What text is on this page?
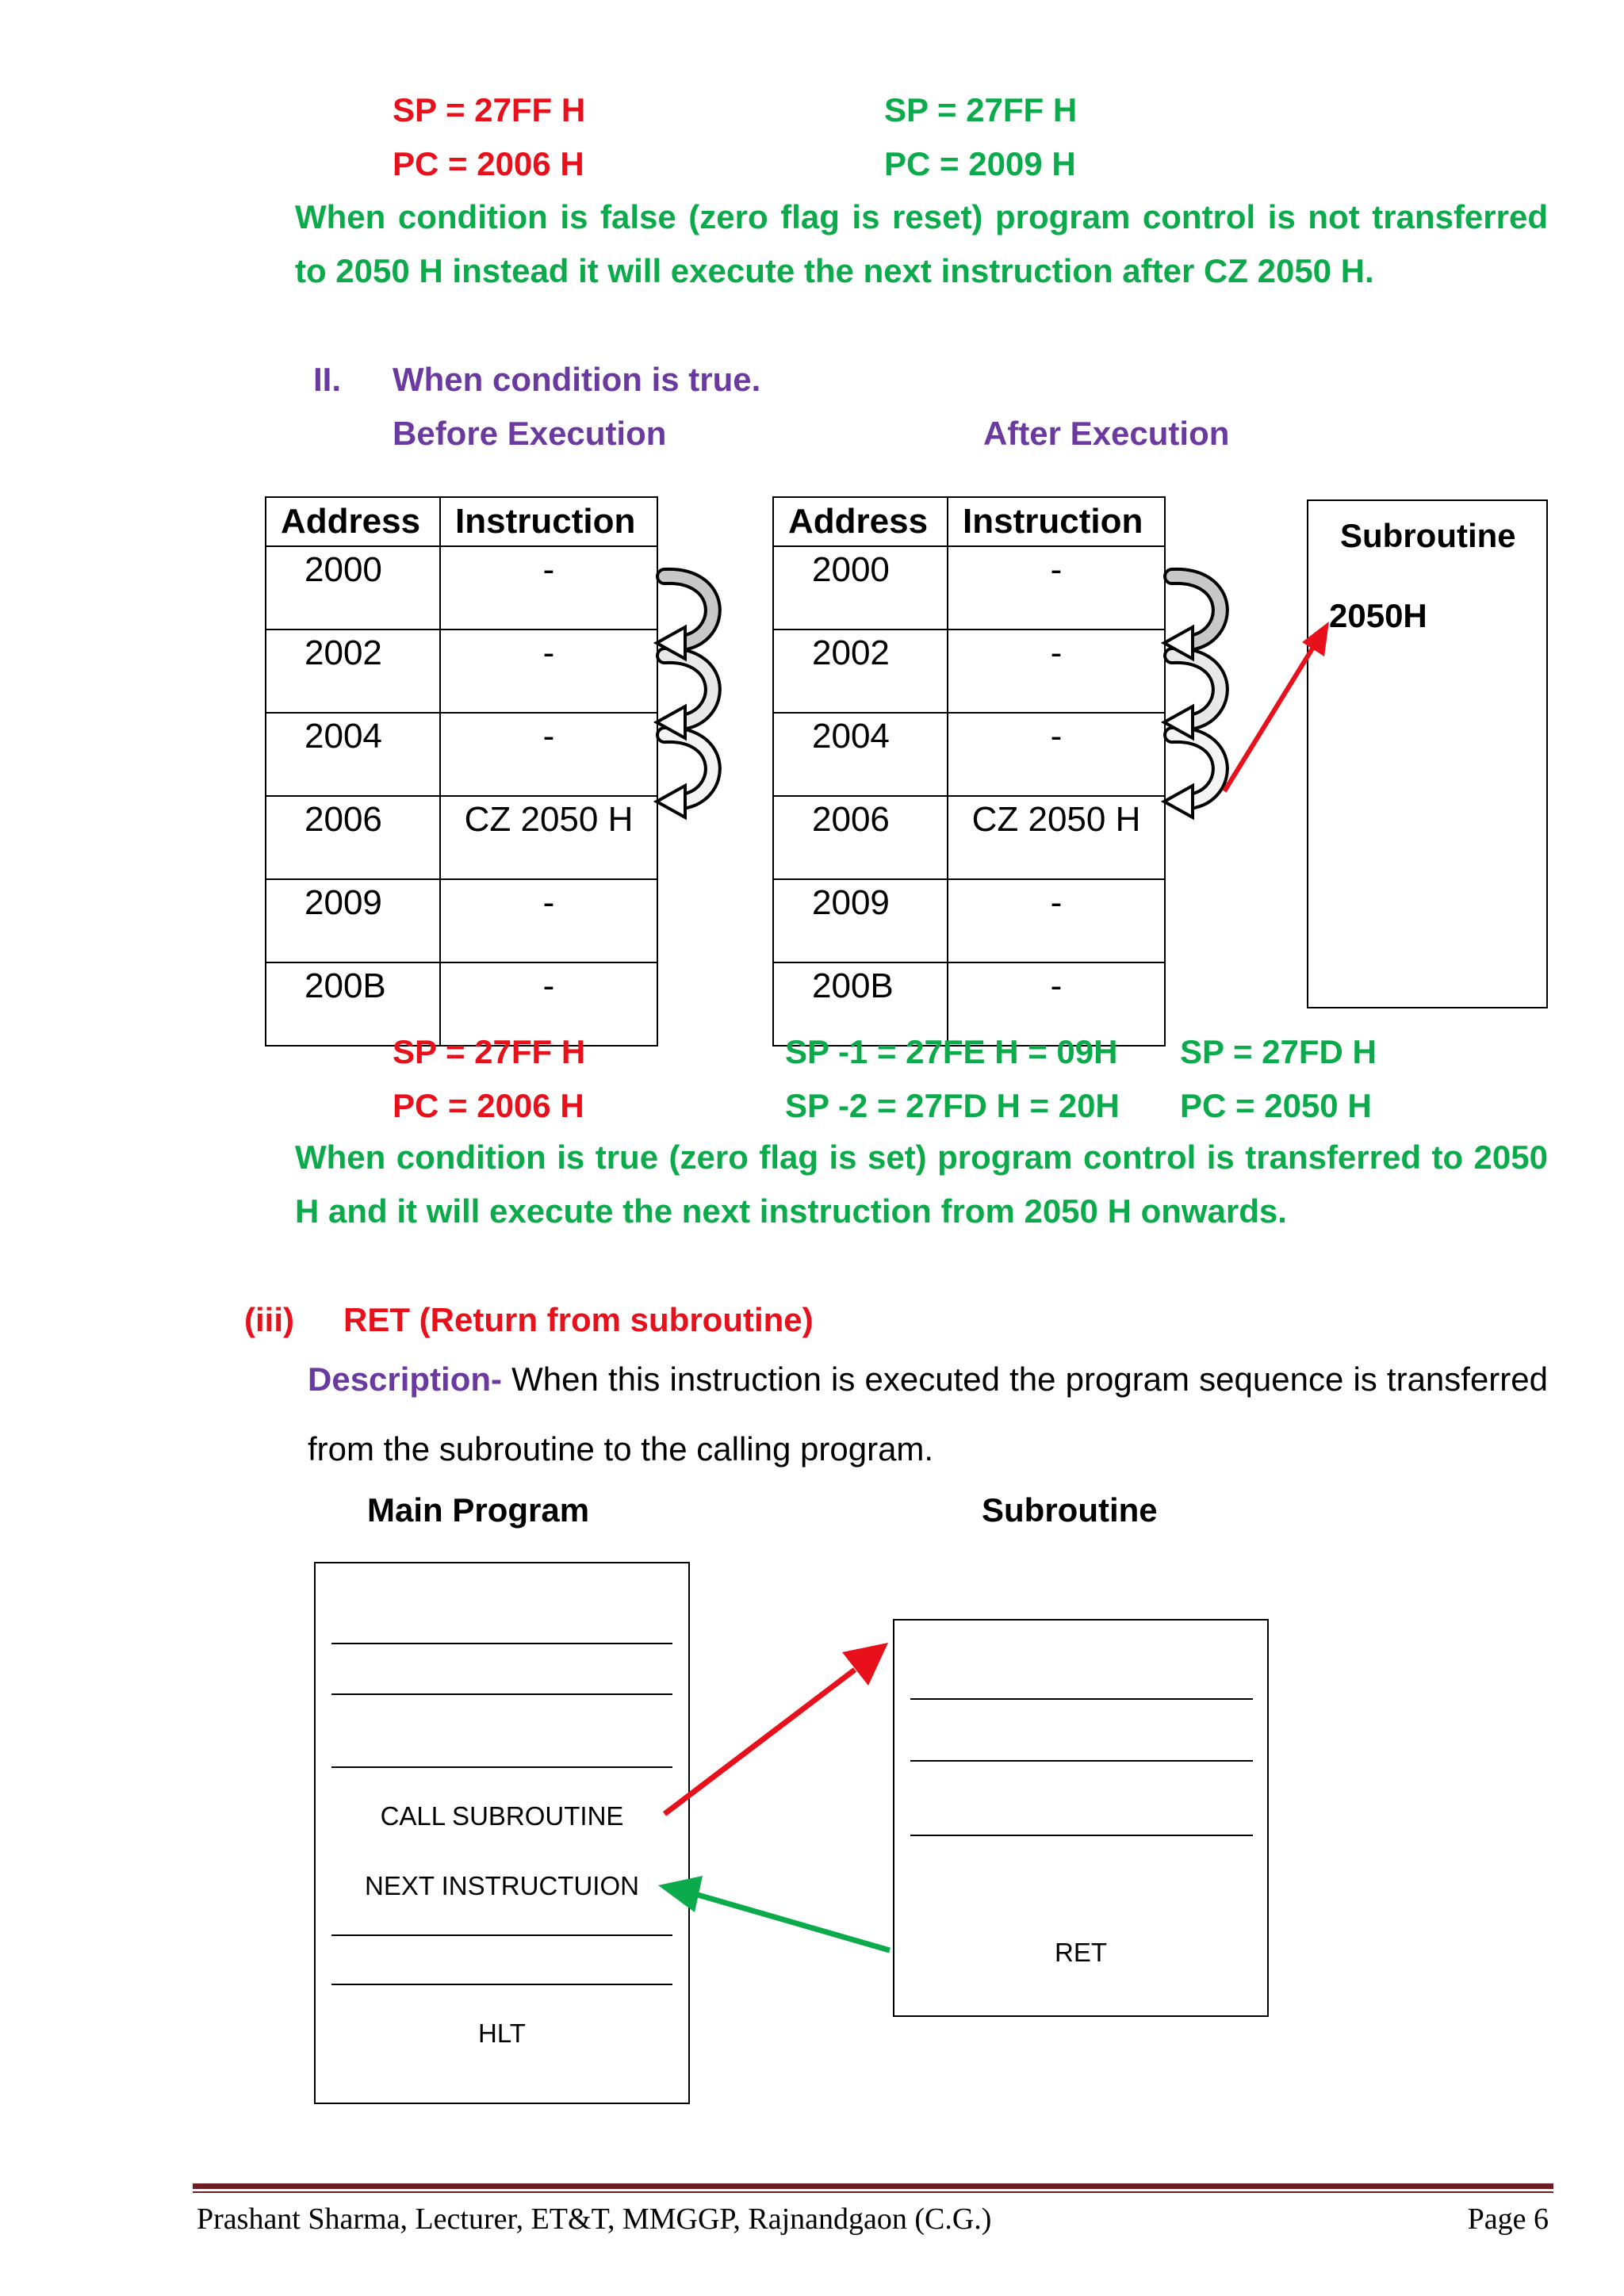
SP = 27FF H
PC = 2006 H
SP = 27FF H
PC = 2009 H
When condition is false (zero flag is reset) program control is not transferred to 2050 H instead it will execute the next instruction after CZ 2050 H.
II. When condition is true.
Before Execution	After Execution
Address	Instruction
2000	-
2002	-
2004	-
2006	CZ 2050 H
2009	-
200B	-
Address	Instruction
2000	-
2002	-
2004	-
2006	CZ 2050 H
2009	-
200B	-
Subroutine
2050H
SP = 27FF H
PC = 2006 H
SP -1 = 27FE H = 09H
SP -2 = 27FD H = 20H
SP = 27FD H
PC = 2050 H
When condition is true (zero flag is set) program control is transferred to 2050 H and it will execute the next instruction from 2050 H onwards.
(iii) RET (Return from subroutine)
Description- When this instruction is executed the program sequence is transferred from the subroutine to the calling program.
Main Program	Subroutine
CALL SUBROUTINE
NEXT INSTRUCTUION
HLT
RET
Prashant Sharma, Lecturer, ET&T, MMGGP, Rajnandgaon (C.G.)	Page 6
